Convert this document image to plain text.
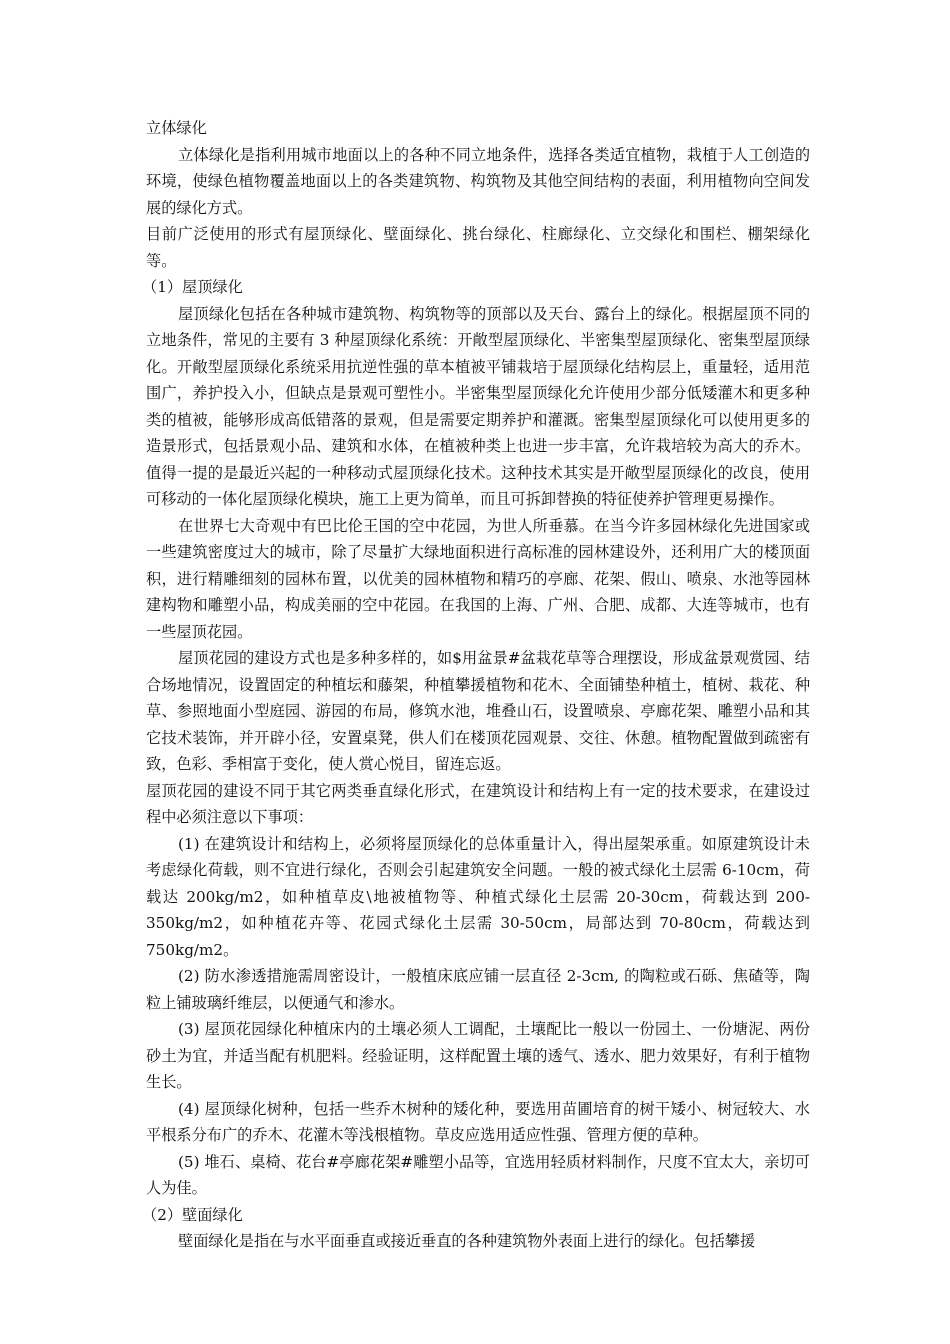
立体绿化

立体绿化是指利用城市地面以上的各种不同立地条件，选择各类适宜植物，栽植于人工创造的环境，使绿色植物覆盖地面以上的各类建筑物、构筑物及其他空间结构的表面，利用植物向空间发展的绿化方式。

目前广泛使用的形式有屋顶绿化、壁面绿化、挑台绿化、柱廊绿化、立交绿化和围栏、棚架绿化等。

（1）屋顶绿化

屋顶绿化包括在各种城市建筑物、构筑物等的顶部以及天台、露台上的绿化。根据屋顶不同的立地条件，常见的主要有 3 种屋顶绿化系统：开敞型屋顶绿化、半密集型屋顶绿化、密集型屋顶绿化。开敞型屋顶绿化系统采用抗逆性强的草本植被平铺栽培于屋顶绿化结构层上，重量轻，适用范围广，养护投入小，但缺点是景观可塑性小。半密集型屋顶绿化允许使用少部分低矮灌木和更多种类的植被，能够形成高低错落的景观，但是需要定期养护和灌溉。密集型屋顶绿化可以使用更多的造景形式，包括景观小品、建筑和水体，在植被种类上也进一步丰富，允许栽培较为高大的乔木。值得一提的是最近兴起的一种移动式屋顶绿化技术。这种技术其实是开敞型屋顶绿化的改良，使用可移动的一体化屋顶绿化模块，施工上更为简单，而且可拆卸替换的特征使养护管理更易操作。

在世界七大奇观中有巴比伦王国的空中花园，为世人所垂慕。在当今许多园林绿化先进国家或一些建筑密度过大的城市，除了尽量扩大绿地面积进行高标准的园林建设外，还利用广大的楼顶面积，进行精雕细刻的园林布置，以优美的园林植物和精巧的亭廊、花架、假山、喷泉、水池等园林建构物和雕塑小品，构成美丽的空中花园。在我国的上海、广州、合肥、成都、大连等城市，也有一些屋顶花园。

屋顶花园的建设方式也是多种多样的，如$用盆景#盆栽花草等合理摆设，形成盆景观赏园、结合场地情况，设置固定的种植坛和藤架，种植攀援植物和花木、全面铺垫种植土，植树、栽花、种草、参照地面小型庭园、游园的布局，修筑水池，堆叠山石，设置喷泉、亭廊花架、雕塑小品和其它技术装饰，并开辟小径，安置桌凳，供人们在楼顶花园观景、交往、休憩。植物配置做到疏密有致，色彩、季相富于变化，使人赏心悦目，留连忘返。

屋顶花园的建设不同于其它两类垂直绿化形式，在建筑设计和结构上有一定的技术要求，在建设过程中必须注意以下事项：

(1) 在建筑设计和结构上，必须将屋顶绿化的总体重量计入，得出屋架承重。如原建筑设计未考虑绿化荷载，则不宜进行绿化，否则会引起建筑安全问题。一般的被式绿化土层需 6-10cm，荷载达 200kg/m2，如种植草皮\地被植物等、种植式绿化土层需 20-30cm，荷载达到 200-350kg/m2，如种植花卉等、花园式绿化土层需 30-50cm，局部达到 70-80cm，荷载达到 750kg/m2。

(2) 防水渗透措施需周密设计，一般植床底应铺一层直径 2-3cm, 的陶粒或石砾、焦碴等，陶粒上铺玻璃纤维层，以便通气和渗水。

(3) 屋顶花园绿化种植床内的土壤必须人工调配，土壤配比一般以一份园土、一份塘泥、两份砂土为宜，并适当配有机肥料。经验证明，这样配置土壤的透气、透水、肥力效果好，有利于植物生长。

(4) 屋顶绿化树种，包括一些乔木树种的矮化种，要选用苗圃培育的树干矮小、树冠较大、水平根系分布广的乔木、花灌木等浅根植物。草皮应选用适应性强、管理方便的草种。

(5) 堆石、桌椅、花台#亭廊花架#雕塑小品等，宜选用轻质材料制作，尺度不宜太大，亲切可人为佳。

（2）壁面绿化

壁面绿化是指在与水平面垂直或接近垂直的各种建筑物外表面上进行的绿化。包括攀援
